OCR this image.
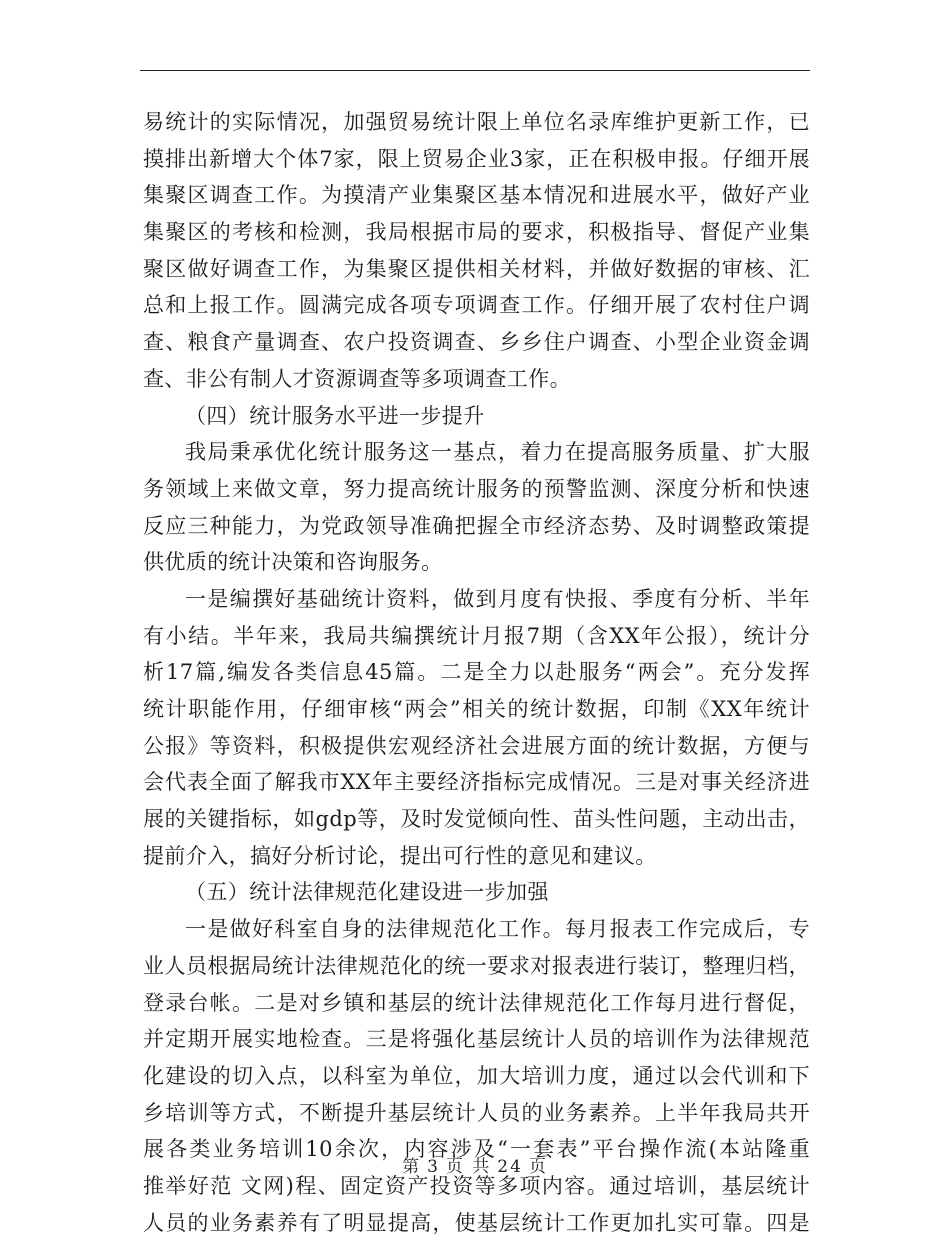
易统计的实际情况，加强贸易统计限上单位名录库维护更新工作，已
摸排出新增大个体7家，限上贸易企业3家，正在积极申报。仔细开展
集聚区调查工作。为摸清产业集聚区基本情况和进展水平，做好产业
集聚区的考核和检测，我局根据市局的要求，积极指导、督促产业集
聚区做好调查工作，为集聚区提供相关材料，并做好数据的审核、汇
总和上报工作。圆满完成各项专项调查工作。仔细开展了农村住户调
查、粮食产量调查、农户投资调查、乡乡住户调查、小型企业资金调
查、非公有制人才资源调查等多项调查工作。
（四）统计服务水平进一步提升
我局秉承优化统计服务这一基点，着力在提高服务质量、扩大服
务领域上来做文章，努力提高统计服务的预警监测、深度分析和快速
反应三种能力，为党政领导准确把握全市经济态势、及时调整政策提
供优质的统计决策和咨询服务。
一是编撰好基础统计资料，做到月度有快报、季度有分析、半年
有小结。半年来，我局共编撰统计月报7期（含XX年公报），统计分
析17篇,编发各类信息45篇。二是全力以赴服务“两会”。充分发挥
统计职能作用，仔细审核“两会”相关的统计数据，印制《XX年统计
公报》等资料，积极提供宏观经济社会进展方面的统计数据，方便与
会代表全面了解我市XX年主要经济指标完成情况。三是对事关经济进
展的关键指标，如gdp等，及时发觉倾向性、苗头性问题，主动出击，
提前介入，搞好分析讨论，提出可行性的意见和建议。
（五）统计法律规范化建设进一步加强
一是做好科室自身的法律规范化工作。每月报表工作完成后，专
业人员根据局统计法律规范化的统一要求对报表进行装订，整理归档，
登录台帐。二是对乡镇和基层的统计法律规范化工作每月进行督促，
并定期开展实地检查。三是将强化基层统计人员的培训作为法律规范
化建设的切入点，以科室为单位，加大培训力度，通过以会代训和下
乡培训等方式，不断提升基层统计人员的业务素养。上半年我局共开
展各类业务培训10余次，内容涉及“一套表”平台操作流(本站隆重
推举好范 文网)程、固定资产投资等多项内容。通过培训，基层统计
人员的业务素养有了明显提高，使基层统计工作更加扎实可靠。四是
第 3 页 共 24 页
